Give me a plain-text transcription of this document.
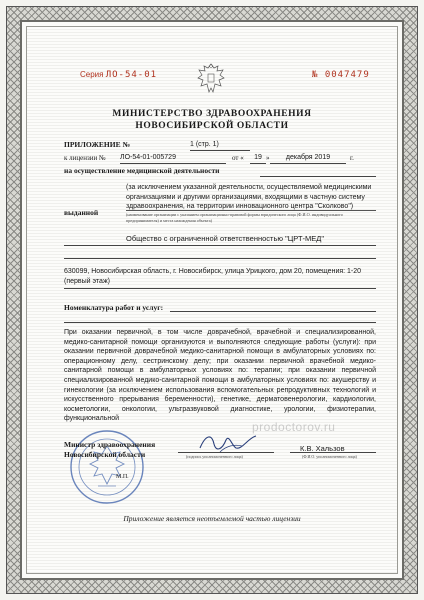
Серия ЛО-54-01	№ 0047479
МИНИСТЕРСТВО ЗДРАВООХРАНЕНИЯ
НОВОСИБИРСКОЙ ОБЛАСТИ
ПРИЛОЖЕНИЕ №	1 (стр. 1)
к лицензии № ЛО-54-01-005729	от «	19 »	декабря 2019	г.
на осуществление медицинской деятельности
(за исключением указанной деятельности, осуществляемой медицинскими организациями и другими организациями, входящими в частную систему здравоохранения, на территории инновационного центра "Сколково")
выданной	(наименование организации с указанием организационно-правовой формы юридического лица (Ф.И.О. индивидуального предпринимателя) и места нахождения объекта)
Общество с ограниченной ответственностью "ЦРТ-МЕД"
630099, Новосибирская область, г. Новосибирск, улица Урицкого, дом 20, помещения: 1-20 (первый этаж)
Номенклатура работ и услуг:
При оказании первичной, в том числе доврачебной, врачебной и специализированной, медико-санитарной помощи организуются и выполняются следующие работы (услуги): при оказании первичной доврачебной медико-санитарной помощи в амбулаторных условиях по: операционному делу, сестринскому делу; при оказании первичной врачебной медико-санитарной помощи в амбулаторных условиях по: терапии; при оказании первичной специализированной медико-санитарной помощи в амбулаторных условиях по: акушерству и гинекологии (за исключением использования вспомогательных репродуктивных технологий и искусственного прерывания беременности), генетике, дерматовенерологии, кардиологии, косметологии, онкологии, ультразвуковой диагностике, урологии, физиотерапии, функциональной
prodoctorov.ru
Министр здравоохранения
Новосибирской области	(подпись уполномоченного лица)
К.В. Хальзов
(Ф.И.О. уполномоченного лица)
М.П.
Приложение является неотъемлемой частью лицензии
